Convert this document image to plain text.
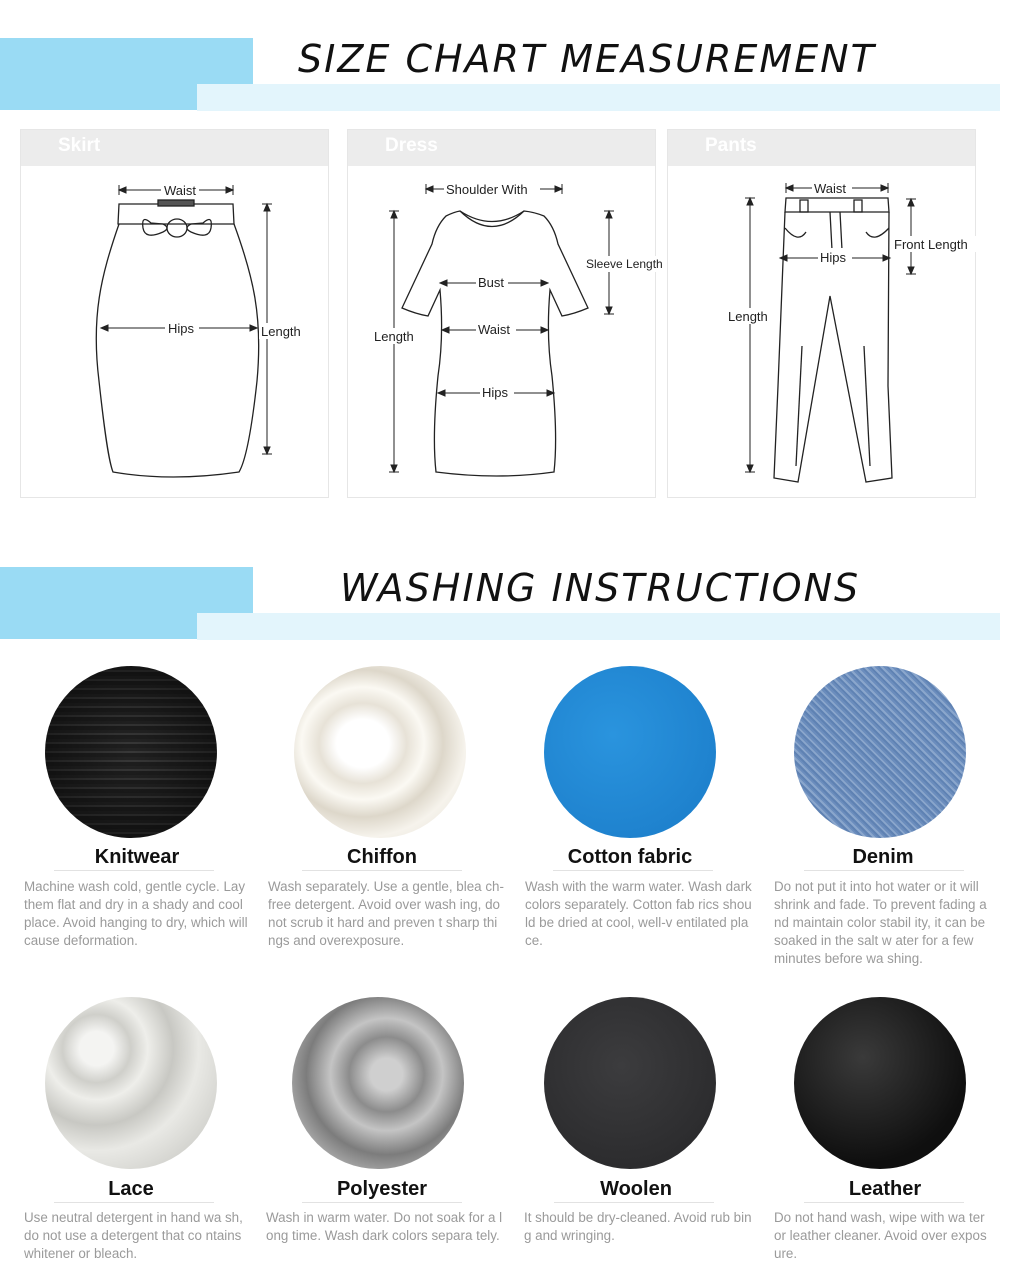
SIZE CHART MEASUREMENT
Skirt
Waist
Hips	Length
Dress
Shoulder With
Sleeve Length
Bust
Waist
Length
Hips
Pants
Waist
Hips
Front Length
Length
WASHING INSTRUCTIONS
Knitwear
Machine wash cold, gentle cycle. Lay them flat and dry in a shady and cool place. Avoid hanging to dry, which will cause deformation.
Chiffon
Wash separately. Use a gentle, blea ch-free detergent. Avoid over wash ing, do not scrub it hard and preven t sharp things and overexposure.
Cotton fabric
Wash with the warm water. Wash dark colors separately. Cotton fab rics should be dried at cool, well-v entilated place.
Denim
Do not put it into hot water or it will shrink and fade. To prevent fading and maintain color stabil ity, it can be soaked in the salt w ater for a few minutes before wa shing.
Lace
Use neutral detergent in hand wa sh, do not use a detergent that co ntains whitener or bleach.
Polyester
Wash in warm water. Do not soak for a long time. Wash dark colors separa tely.
Woolen
It should be dry-cleaned. Avoid rub bing and wringing.
Leather
Do not hand wash, wipe with wa ter or leather cleaner. Avoid over exposure.
